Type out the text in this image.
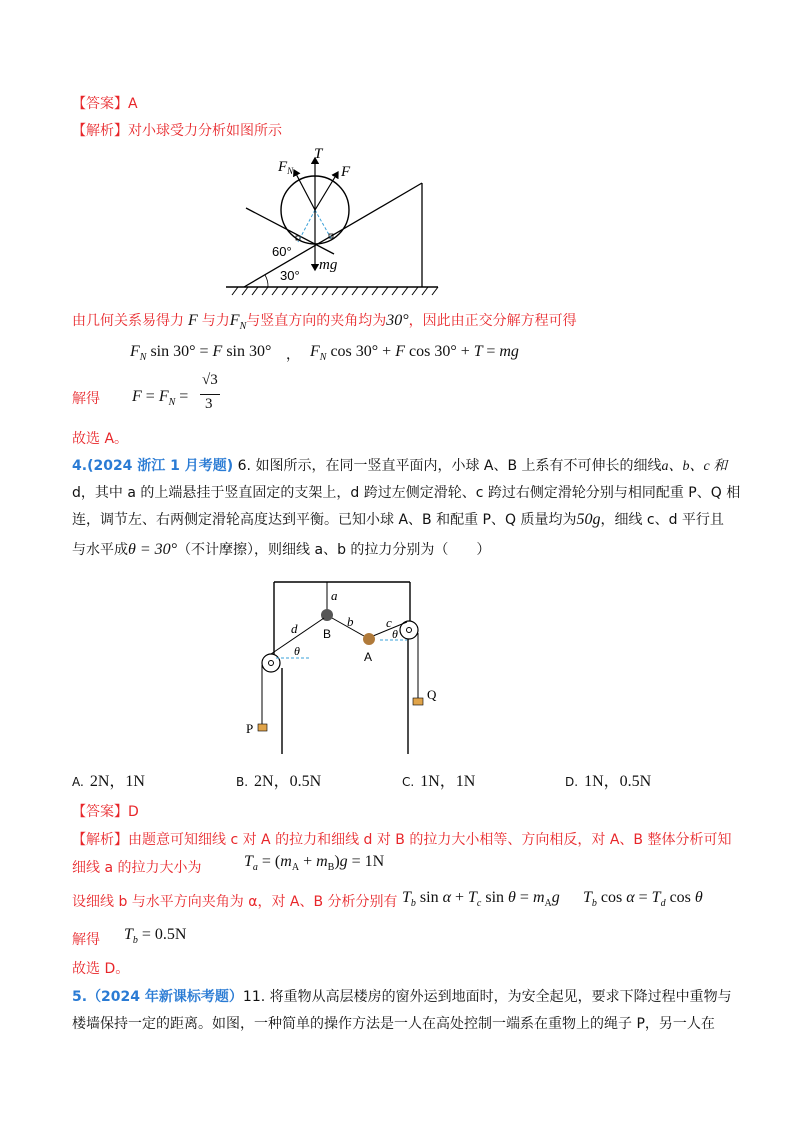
【答案】A
【解析】对小球受力分析如图所示
$F_N$
T
F
mg
60°
30°
由几何关系易得力 F 与力$F_N$与竖直方向的夹角均为30°，因此由正交分解方程可得
$F_N$ sin 30° = F sin 30° ， $F_N$ cos 30° + F cos 30° + T = mg
解得 $F = F_N$ =
√3
3
故选 A。
4.(2024 浙江 1 月考题) 6. 如图所示，在同一竖直平面内，小球 A、B 上系有不可伸长的细线a、b、c 和
d，其中 a 的上端悬挂于竖直固定的支架上，d 跨过左侧定滑轮、c 跨过右侧定滑轮分别与相同配重 P、Q 相
连，调节左、右两侧定滑轮高度达到平衡。已知小球 A、B 和配重 P、Q 质量均为50g，细线 c、d 平行且
与水平成θ = 30°（不计摩擦），则细线 a、b 的拉力分别为（　　）
a
d	b	c
B
A
θ
θ
P
Q
A. 2N，1N	B. 2N，0.5N	C. 1N，1N	D. 1N，0.5N
【答案】D
【解析】由题意可知细线 c 对 A 的拉力和细线 d 对 B 的拉力大小相等、方向相反，对 A、B 整体分析可知
细线 a 的拉力大小为	$T_a = (m_A + m_B)g = 1N$
设细线 b 与水平方向夹角为 α，对 A、B 分析分别有 $T_b$ $\sin \alpha + T_c$ $\sin \theta = m_Ag$ $T_b$ $\cos \alpha = T_d$ cos θ
解得 $T_b = 0.5N$
故选 D。
5.（2024 年新课标考题）11. 将重物从高层楼房的窗外运到地面时，为安全起见，要求下降过程中重物与
楼墙保持一定的距离。如图，一种简单的操作方法是一人在高处控制一端系在重物上的绳子 P，另一人在
